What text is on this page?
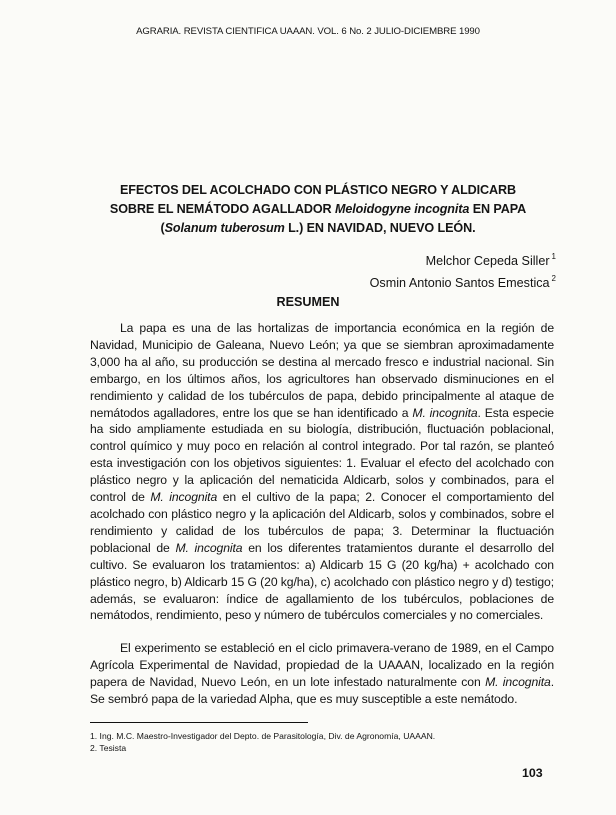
AGRARIA. REVISTA CIENTIFICA UAAAN. VOL. 6 No. 2 JULIO-DICIEMBRE 1990
EFECTOS DEL ACOLCHADO CON PLÁSTICO NEGRO Y ALDICARB
SOBRE EL NEMÁTODO AGALLADOR Meloidogyne incognita EN PAPA
(Solanum tuberosum L.) EN NAVIDAD, NUEVO LEÓN.
Melchor Cepeda Siller $^1$
Osmin Antonio Santos Emestica $^2$
RESUMEN

La papa es una de las hortalizas de importancia económica en la región de Navidad, Municipio de Galeana, Nuevo León; ya que se siembran aproximadamente 3,000 ha al año, su producción se destina al mercado fresco e industrial nacional. Sin embargo, en los últimos años, los agricultores han observado disminuciones en el rendimiento y calidad de los tubérculos de papa, debido principalmente al ataque de nemátodos agalladores, entre los que se han identificado a M. incognita. Esta especie ha sido ampliamente estudiada en su biología, distribución, fluctuación poblacional, control químico y muy poco en relación al control integrado. Por tal razón, se planteó esta investigación con los objetivos siguientes: 1. Evaluar el efecto del acolchado con plástico negro y la aplicación del nematicida Aldicarb, solos y combinados, para el control de M. incognita en el cultivo de la papa; 2. Conocer el comportamiento del acolchado con plástico negro y la aplicación del Aldicarb, solos y combinados, sobre el rendimiento y calidad de los tubérculos de papa; 3. Determinar la fluctuación poblacional de M. incognita en los diferentes tratamientos durante el desarrollo del cultivo. Se evaluaron los tratamientos: a) Aldicarb 15 G (20 kg/ha) + acolchado con plástico negro, b) Aldicarb 15 G (20 kg/ha), c) acolchado con plástico negro y d) testigo; además, se evaluaron: índice de agallamiento de los tubérculos, poblaciones de nemátodos, rendimiento, peso y número de tubérculos comerciales y no comerciales.

El experimento se estableció en el ciclo primavera-verano de 1989, en el Campo Agrícola Experimental de Navidad, propiedad de la UAAAN, localizado en la región papera de Navidad, Nuevo León, en un lote infestado naturalmente con M. incognita. Se sembró papa de la variedad Alpha, que es muy susceptible a este nemátodo.

1. Ing. M.C. Maestro-Investigador del Depto. de Parasitología, Div. de Agronomía, UAAAN.
2. Tesista
103
